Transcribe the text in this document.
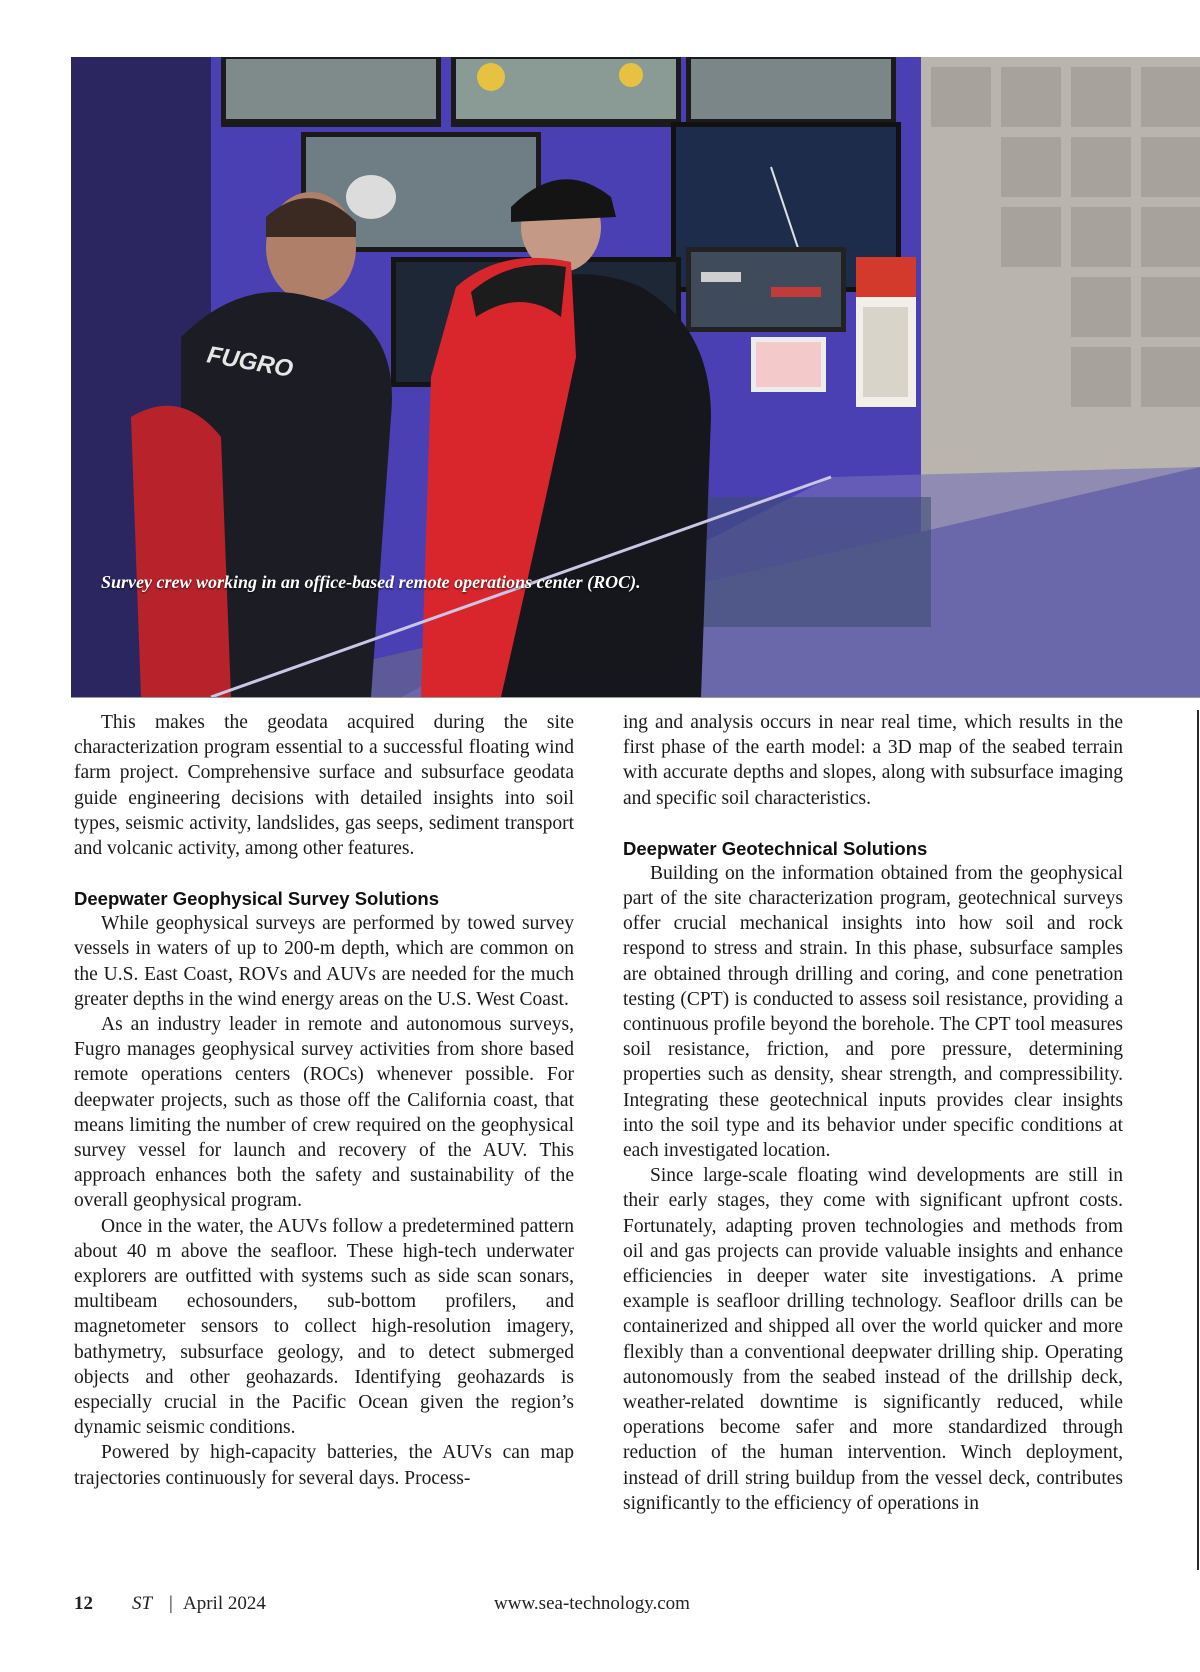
FUGRO

Survey crew working in an office-based remote operations center (ROC).

This makes the geodata acquired during the site characterization program essential to a successful floating wind farm project. Comprehensive surface and subsurface geodata guide engineering decisions with detailed insights into soil types, seismic activity, landslides, gas seeps, sediment transport and volcanic activity, among other features.

Deepwater Geophysical Survey Solutions

While geophysical surveys are performed by towed survey vessels in waters of up to 200-m depth, which are common on the U.S. East Coast, ROVs and AUVs are needed for the much greater depths in the wind energy areas on the U.S. West Coast.

As an industry leader in remote and autonomous surveys, Fugro manages geophysical survey activities from shore based remote operations centers (ROCs) whenever possible. For deepwater projects, such as those off the California coast, that means limiting the number of crew required on the geophysical survey vessel for launch and recovery of the AUV. This approach enhances both the safety and sustainability of the overall geophysical program.

Once in the water, the AUVs follow a predetermined pattern about 40 m above the seafloor. These high-tech underwater explorers are outfitted with systems such as side scan sonars, multibeam echosounders, sub-bottom profilers, and magnetometer sensors to collect high-resolution imagery, bathymetry, subsurface geology, and to detect submerged objects and other geohazards. Identifying geohazards is especially crucial in the Pacific Ocean given the region’s dynamic seismic conditions.

Powered by high-capacity batteries, the AUVs can map trajectories continuously for several days. Process-

ing and analysis occurs in near real time, which results in the first phase of the earth model: a 3D map of the seabed terrain with accurate depths and slopes, along with subsurface imaging and specific soil characteristics.

Deepwater Geotechnical Solutions

Building on the information obtained from the geophysical part of the site characterization program, geotechnical surveys offer crucial mechanical insights into how soil and rock respond to stress and strain. In this phase, subsurface samples are obtained through drilling and coring, and cone penetration testing (CPT) is conducted to assess soil resistance, providing a continuous profile beyond the borehole. The CPT tool measures soil resistance, friction, and pore pressure, determining properties such as density, shear strength, and compressibility. Integrating these geotechnical inputs provides clear insights into the soil type and its behavior under specific conditions at each investigated location.

Since large-scale floating wind developments are still in their early stages, they come with significant upfront costs. Fortunately, adapting proven technologies and methods from oil and gas projects can provide valuable insights and enhance efficiencies in deeper water site investigations. A prime example is seafloor drilling technology. Seafloor drills can be containerized and shipped all over the world quicker and more flexibly than a conventional deepwater drilling ship. Operating autonomously from the seabed instead of the drillship deck, weather-related downtime is significantly reduced, while operations become safer and more standardized through reduction of the human intervention. Winch deployment, instead of drill string buildup from the vessel deck, contributes significantly to the efficiency of operations in

12 ST | April 2024	www.sea-technology.com
